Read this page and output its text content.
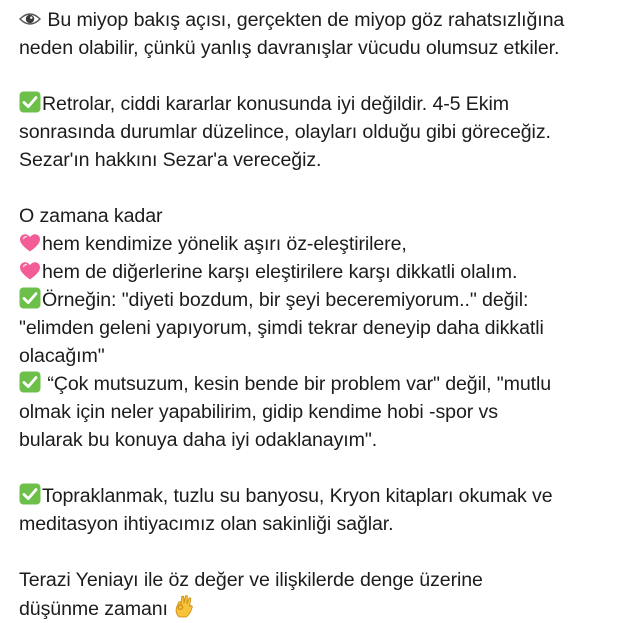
Bu miyop bakış açısı, gerçekten de miyop göz rahatsızlığına
neden olabilir, çünkü yanlış davranışlar vücudu olumsuz etkiler.
Retrolar, ciddi kararlar konusunda iyi değildir. 4-5 Ekim
sonrasında durumlar düzelince, olayları olduğu gibi göreceğiz.
Sezar'ın hakkını Sezar'a vereceğiz.
O zamana kadar
hem kendimize yönelik aşırı öz-eleştirilere,
hem de diğerlerine karşı eleştirilere karşı dikkatli olalım.
Örneğin: "diyeti bozdum, bir şeyi beceremiyorum.." değil:
"elimden geleni yapıyorum, şimdi tekrar deneyip daha dikkatli
olacağım"
“Çok mutsuzum, kesin bende bir problem var" değil, "mutlu
olmak için neler yapabilirim, gidip kendime hobi -spor vs
bularak bu konuya daha iyi odaklanayım".
Topraklanmak, tuzlu su banyosu, Kryon kitapları okumak ve
meditasyon ihtiyacımız olan sakinliği sağlar.
Terazi Yeniayı ile öz değer ve ilişkilerde denge üzerine
düşünme zamanı
